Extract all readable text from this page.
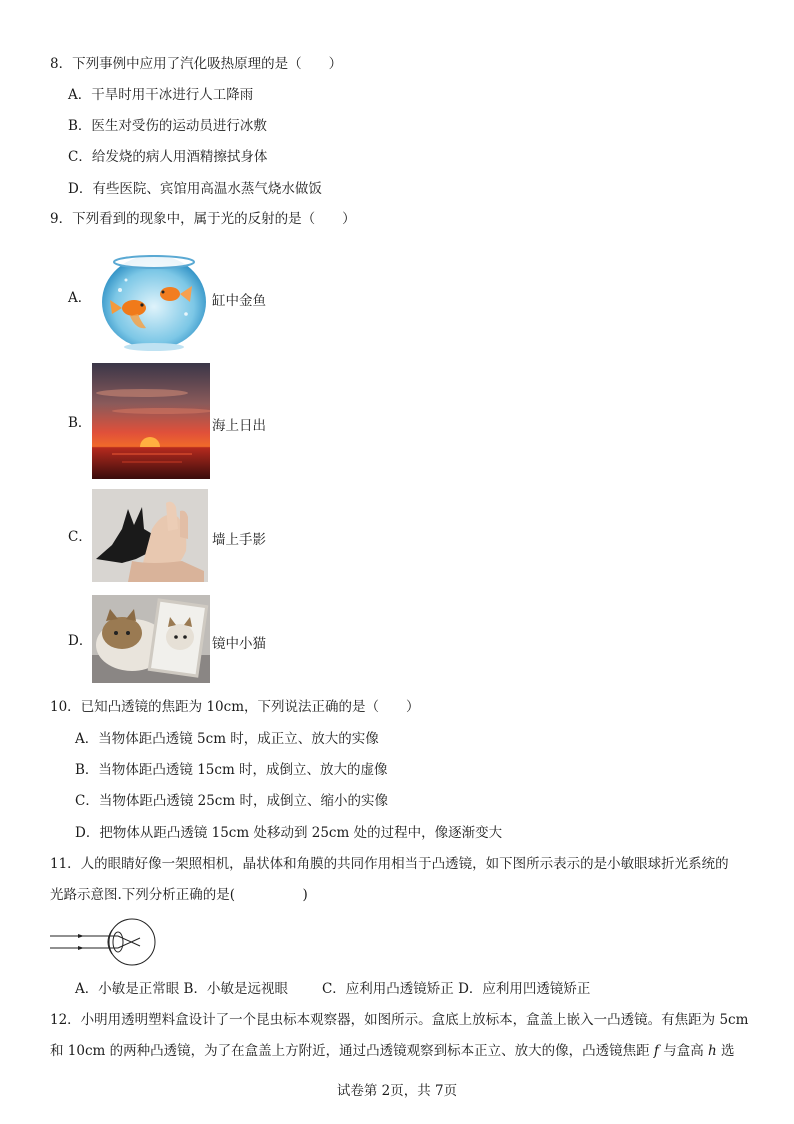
8．下列事例中应用了汽化吸热原理的是（　　）
A．干旱时用干冰进行人工降雨
B．医生对受伤的运动员进行冰敷
C．给发烧的病人用酒精擦拭身体
D．有些医院、宾馆用高温水蒸气烧水做饭
9．下列看到的现象中，属于光的反射的是（　　）
A．	缸中金鱼
B．	海上日出
C．	墙上手影
D．	镜中小猫
10．已知凸透镜的焦距为 10cm，下列说法正确的是（　　）
A．当物体距凸透镜 5cm 时，成正立、放大的实像
B．当物体距凸透镜 15cm 时，成倒立、放大的虚像
C．当物体距凸透镜 25cm 时，成倒立、缩小的实像
D．把物体从距凸透镜 15cm 处移动到 25cm 处的过程中，像逐渐变大
11．人的眼睛好像一架照相机，晶状体和角膜的共同作用相当于凸透镜，如下图所示表示的是小敏眼球折光系统的
光路示意图.下列分析正确的是(　　　　　)
A．小敏是正常眼 B．小敏是远视眼	C．应利用凸透镜矫正 D．应利用凹透镜矫正
12．小明用透明塑料盒设计了一个昆虫标本观察器，如图所示。盒底上放标本，盒盖上嵌入一凸透镜。有焦距为 5cm
和 10cm 的两种凸透镜，为了在盒盖上方附近，通过凸透镜观察到标本正立、放大的像，凸透镜焦距 f 与盒高 h 选
试卷第 2页，共 7页
